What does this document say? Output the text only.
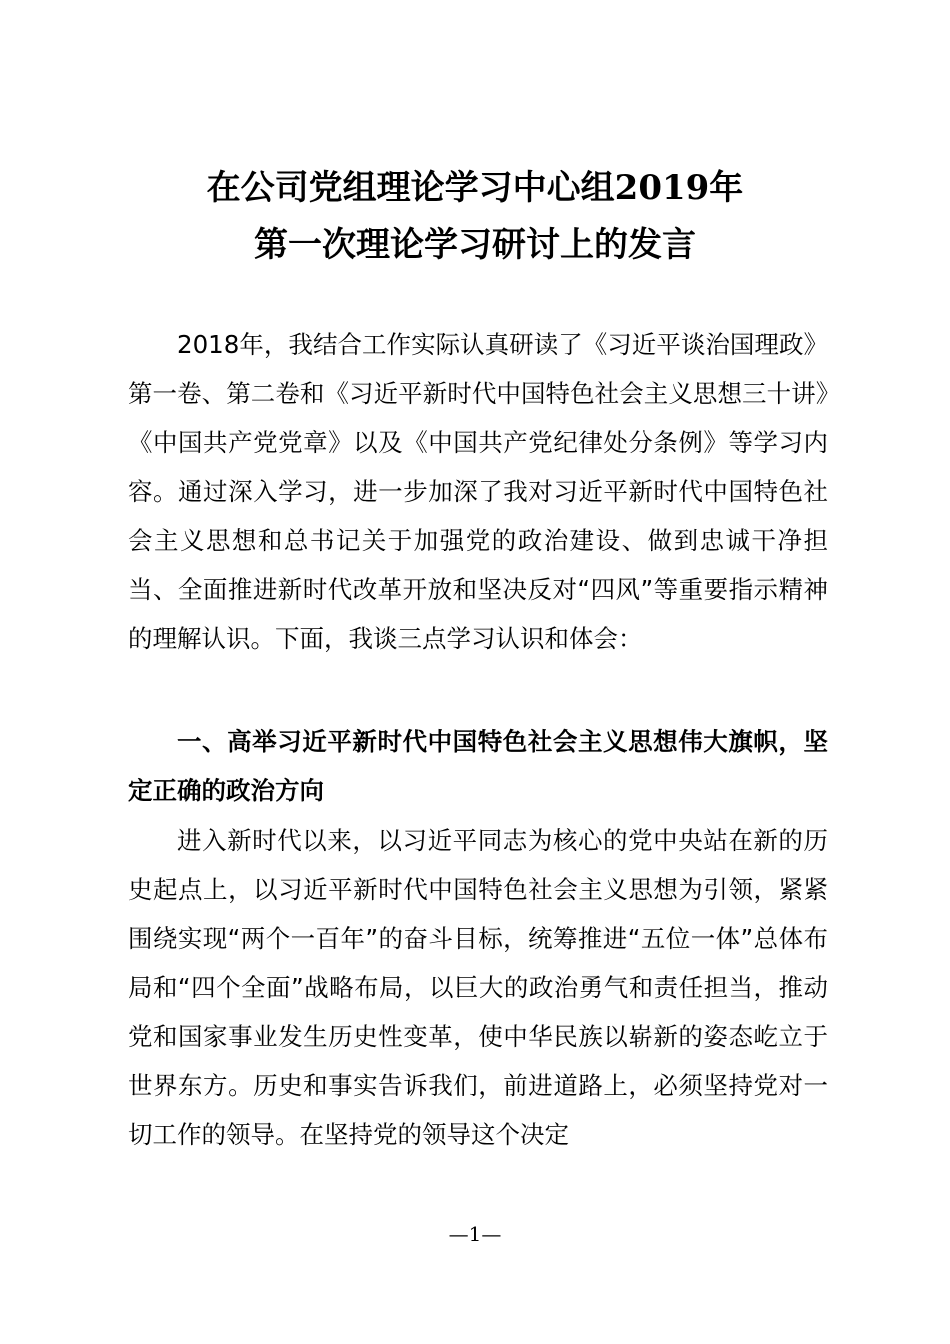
在公司党组理论学习中心组2019年
第一次理论学习研讨上的发言

2018年，我结合工作实际认真研读了《习近平谈治国理政》第一卷、第二卷和《习近平新时代中国特色社会主义思想三十讲》《中国共产党党章》以及《中国共产党纪律处分条例》等学习内容。通过深入学习，进一步加深了我对习近平新时代中国特色社会主义思想和总书记关于加强党的政治建设、做到忠诚干净担当、全面推进新时代改革开放和坚决反对“四风”等重要指示精神的理解认识。下面，我谈三点学习认识和体会：

一、高举习近平新时代中国特色社会主义思想伟大旗帜，坚定正确的政治方向

进入新时代以来，以习近平同志为核心的党中央站在新的历史起点上，以习近平新时代中国特色社会主义思想为引领，紧紧围绕实现“两个一百年”的奋斗目标，统筹推进“五位一体”总体布局和“四个全面”战略布局，以巨大的政治勇气和责任担当，推动党和国家事业发生历史性变革，使中华民族以崭新的姿态屹立于世界东方。历史和事实告诉我们，前进道路上，必须坚持党对一切工作的领导。在坚持党的领导这个决定

—1—
